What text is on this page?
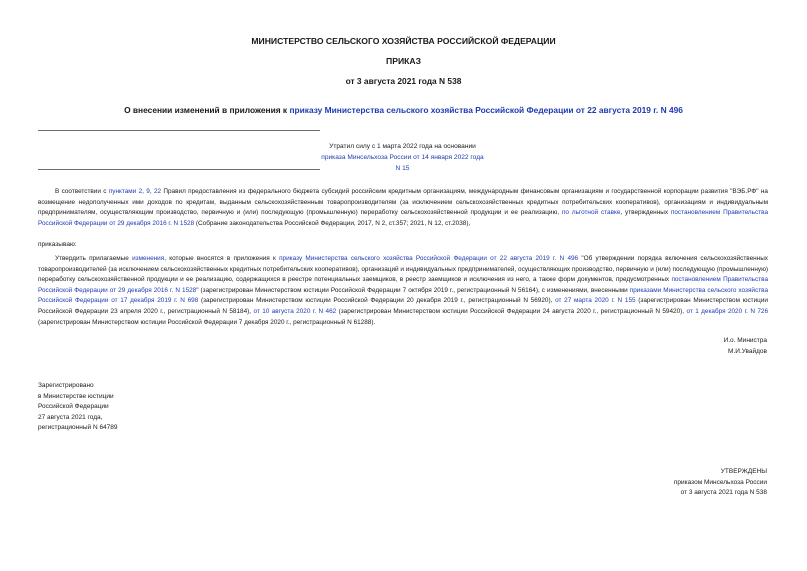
МИНИСТЕРСТВО СЕЛЬСКОГО ХОЗЯЙСТВА РОССИЙСКОЙ ФЕДЕРАЦИИ
ПРИКАЗ
от 3 августа 2021 года N 538
О внесении изменений в приложения к приказу Министерства сельского хозяйства Российской Федерации от 22 августа 2019 г. N 496
Утратил силу с 1 марта 2022 года на основании
приказа Минсельхоза России от 14 января 2022 года N 15
В соответствии с пунктами 2, 9, 22 Правил предоставления из федерального бюджета субсидий российским кредитным организациям, международным финансовым организациям и государственной корпорации развития "ВЭБ.РФ" на возмещение недополученных ими доходов по кредитам, выданным сельскохозяйственным товаропроизводителям (за исключением сельскохозяйственных кредитных потребительских кооперативов), организациям и индивидуальным предпринимателям, осуществляющим производство, первичную и (или) последующую (промышленную) переработку сельскохозяйственной продукции и ее реализацию, по льготной ставке, утвержденных постановлением Правительства Российской Федерации от 29 декабря 2016 г. N 1528 (Собрание законодательства Российской Федерации, 2017, N 2, ст.357; 2021, N 12, ст.2038),
приказываю:
Утвердить прилагаемые изменения, которые вносятся в приложения к приказу Министерства сельского хозяйства Российской Федерации от 22 августа 2019 г. N 496 "Об утверждении порядка включения сельскохозяйственных товаропроизводителей (за исключением сельскохозяйственных кредитных потребительских кооперативов), организаций и индивидуальных предпринимателей, осуществляющих производство, первичную и (или) последующую (промышленную) переработку сельскохозяйственной продукции и ее реализацию, содержащихся в реестре потенциальных заемщиков, в реестр заемщиков и исключения из него, а также форм документов, предусмотренных постановлением Правительства Российской Федерации от 29 декабря 2016 г. N 1528" (зарегистрирован Министерством юстиции Российской Федерации 7 октября 2019 г., регистрационный N 56164), с изменениями, внесенными приказами Министерства сельского хозяйства Российской Федерации от 17 декабря 2019 г. N 698 (зарегистрирован Министерством юстиции Российской Федерации 20 декабря 2019 г., регистрационный N 56920), от 27 марта 2020 г. N 155 (зарегистрирован Министерством юстиции Российской Федерации 23 апреля 2020 г., регистрационный N 58184), от 10 августа 2020 г. N 462 (зарегистрирован Министерством юстиции Российской Федерации 24 августа 2020 г., регистрационный N 59420), от 1 декабря 2020 г. N 726 (зарегистрирован Министерством юстиции Российской Федерации 7 декабря 2020 г., регистрационный N 61288).
И.о. Министра
М.И.Увайдов
Зарегистрировано
в Министерстве юстиции
Российской Федерации
27 августа 2021 года,
регистрационный N 64789
УТВЕРЖДЕНЫ
приказом Минсельхоза России
от 3 августа 2021 года N 538
